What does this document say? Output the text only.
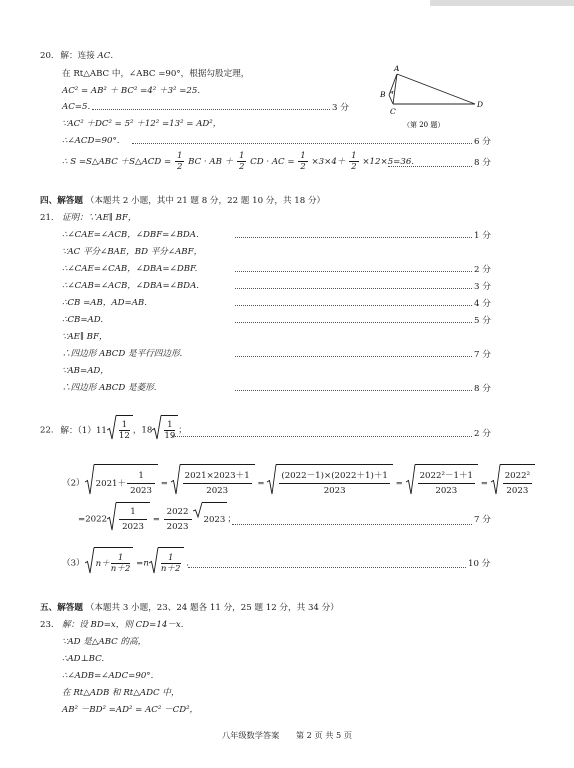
20. 解：连接 AC.
在 Rt△ABC 中，∠ABC =90°，根据勾股定理，
AC² = AB² ＋ BC² =4² ＋3² =25.
AC=5.	3 分
∵AC² ＋DC² = 5² ＋12² =13² = AD²，
∴∠ACD=90°.	6 分
∴ S =S△ABC ＋S△ACD = $\frac{1}{2}$ BC · AB ＋ $\frac{1}{2}$ CD · AC = $\frac{1}{2} \times 3\times 4+ \frac{1}{2} \times 12\times 5=36$.	8 分
A
B
C
D
（第 20 题）
四、解答题 （本题共 2 小题，其中 21 题 8 分，22 题 10 分，共 18 分）
21. 证明：∵AE∥ BF，
∴∠CAE=∠ACB，∠DBF=∠BDA.	1 分
∵AC 平分∠BAE，BD 平分∠ABF，
∴∠CAE=∠CAB，∠DBA=∠DBF.	2 分
∴∠CAB=∠ACB，∠DBA=∠BDA.	3 分
∴CB =AB，AD=AB.	4 分
∴CB=AD.	5 分
∵AE∥ BF，
∴四边形 ABCD 是平行四边形.	7 分
∵AB=AD，
∴四边形 ABCD 是菱形.	8 分
22. 解：$(1)11 \frac{1}{12}$ ，$18 \frac{1}{19}$ ；	2 分
（2） $2021+ \frac{1}{2023} = \frac{2021\times 2023+1}{2023} = \frac{(2022-1)\times(2022+1)+1}{2023} = \frac{\text{2022²－1＋1}}{2023} = \frac{\text{2022²}}{2023}$
$=2022 \frac{1}{2023} = \frac{2022}{2023} 2023$ ；	7 分
（3） $n+ \frac{1}{n+2} =n \frac{1}{n+2}$ .	10 分
五、解答题 （本题共 3 小题，23、24 题各 11 分，25 题 12 分，共 34 分）
23. 解：设 BD=x，则 CD=14－x.
∵AD 是△ABC 的高，
∴AD⊥BC.
∴∠ADB=∠ADC=90°.
在 Rt△ADB 和 Rt△ADC 中，
AB² －BD² =AD² = AC² －CD²，
八年级数学答案 第 2 页 共 5 页
